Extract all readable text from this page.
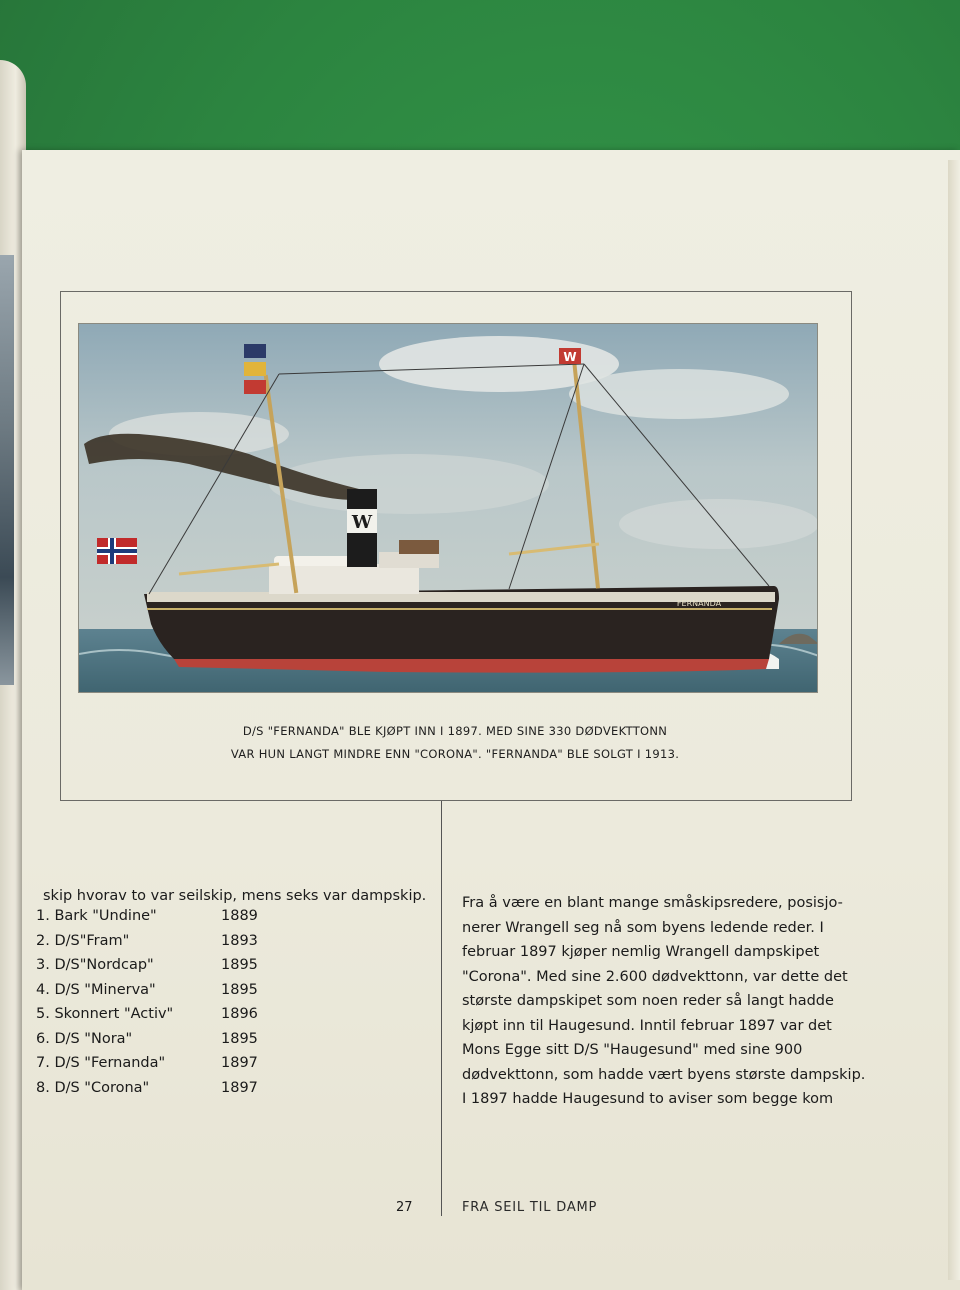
W
W
FERNANDA
D/S "FERNANDA" BLE KJØPT INN I 1897. MED SINE 330 DØDVEKTTONN
VAR HUN LANGT MINDRE ENN "CORONA". "FERNANDA" BLE SOLGT I 1913.

skip hvorav to var seilskip, mens seks var dampskip.

1. Bark "Undine"	1889
2. D/S"Fram"	1893
3. D/S"Nordcap"	1895
4. D/S "Minerva"	1895
5. Skonnert "Activ"	1896
6. D/S "Nora"	1895
7. D/S "Fernanda"	1897
8. D/S "Corona"	1897
Fra å være en blant mange småskipsredere, posisjo-
nerer Wrangell seg nå som byens ledende reder. I
februar 1897 kjøper nemlig Wrangell dampskipet
"Corona". Med sine 2.600 dødvekttonn, var dette det
største dampskipet som noen reder så langt hadde
kjøpt inn til Haugesund. Inntil februar 1897 var det
Mons Egge sitt D/S "Haugesund" med sine 900
dødvekttonn, som hadde vært byens største dampskip.
I 1897 hadde Haugesund to aviser som begge kom
27	FRA SEIL TIL DAMP
